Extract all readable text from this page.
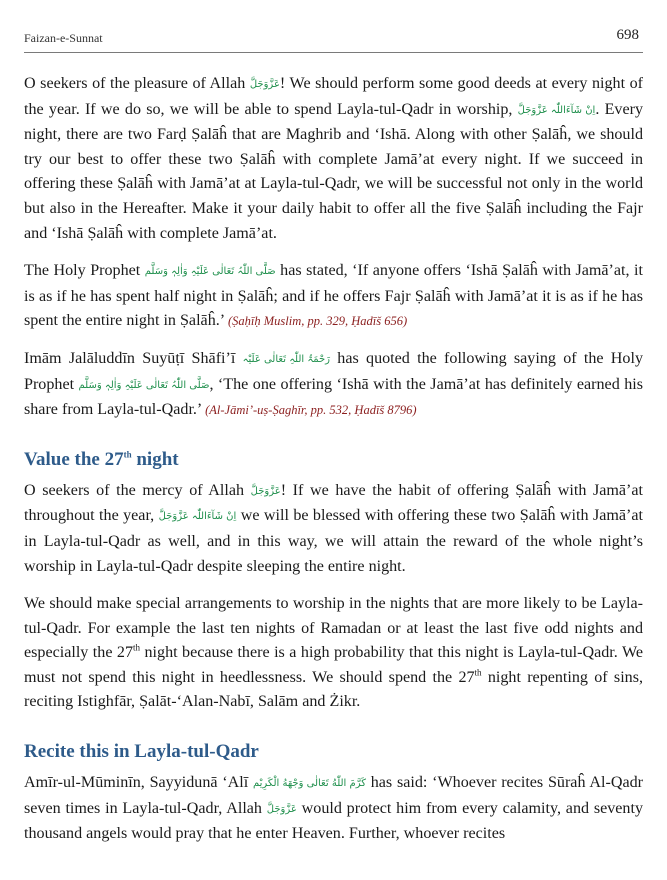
Faizan-e-Sunnat	698

O seekers of the pleasure of Allah عَزَّوَجَلَّ! We should perform some good deeds at every night of the year. If we do so, we will be able to spend Layla-tul-Qadr in worship, اِنْ شَآءَاللّٰہ عَزَّوَجَلَّ. Every night, there are two Farḍ Ṣalāĥ that are Maghrib and ‘Ishā. Along with other Ṣalāĥ, we should try our best to offer these two Ṣalāĥ with complete Jamā’at every night. If we succeed in offering these Ṣalāĥ with Jamā’at at Layla-tul-Qadr, we will be successful not only in the world but also in the Hereafter. Make it your daily habit to offer all the five Ṣalāĥ including the Fajr and ‘Ishā Ṣalāĥ with complete Jamā’at.

The Holy Prophet صَلَّی اللّٰہُ تَعَالٰی عَلَیْہِ وَاٰلِہٖ وَسَلَّم has stated, ‘If anyone offers ‘Ishā Ṣalāĥ with Jamā’at, it is as if he has spent half night in Ṣalāĥ; and if he offers Fajr Ṣalāĥ with Jamā’at it is as if he has spent the entire night in Ṣalāĥ.’ (Ṣaḥīḥ Muslim, pp. 329, Ḥadīš 656)

Imām Jalāluddīn Suyūṭī Shāfi’ī رَحْمَۃُ اللّٰہِ تَعَالٰی عَلَیْہ has quoted the following saying of the Holy Prophet صَلَّی اللّٰہُ تَعَالٰی عَلَیْہِ وَاٰلِہٖ وَسَلَّم, ‘The one offering ‘Ishā with the Jamā’at has definitely earned his share from Layla-tul-Qadr.’ (Al-Jāmi’-uṣ-Ṣaghīr, pp. 532, Ḥadīš 8796)

Value the 27th night

O seekers of the mercy of Allah عَزَّوَجَلَّ! If we have the habit of offering Ṣalāĥ with Jamā’at throughout the year, اِنْ شَآءَاللّٰہ عَزَّوَجَلَّ we will be blessed with offering these two Ṣalāĥ with Jamā’at in Layla-tul-Qadr as well, and in this way, we will attain the reward of the whole night’s worship in Layla-tul-Qadr despite sleeping the entire night.

We should make special arrangements to worship in the nights that are more likely to be Layla-tul-Qadr. For example the last ten nights of Ramadan or at least the last five odd nights and especially the 27th night because there is a high probability that this night is Layla-tul-Qadr. We must not spend this night in heedlessness. We should spend the 27th night repenting of sins, reciting Istighfār, Ṣalāt-‘Alan-Nabī, Salām and Żikr.

Recite this in Layla-tul-Qadr

Amīr-ul-Mūminīn, Sayyidunā ‘Alī كَرَّمَ اللّٰهُ تَعَالٰى وَجْهَهُ الْكَرِيْم has said: ‘Whoever recites Sūraĥ Al-Qadr seven times in Layla-tul-Qadr, Allah عَزَّوَجَلَّ would protect him from every calamity, and seventy thousand angels would pray that he enter Heaven. Further, whoever recites
